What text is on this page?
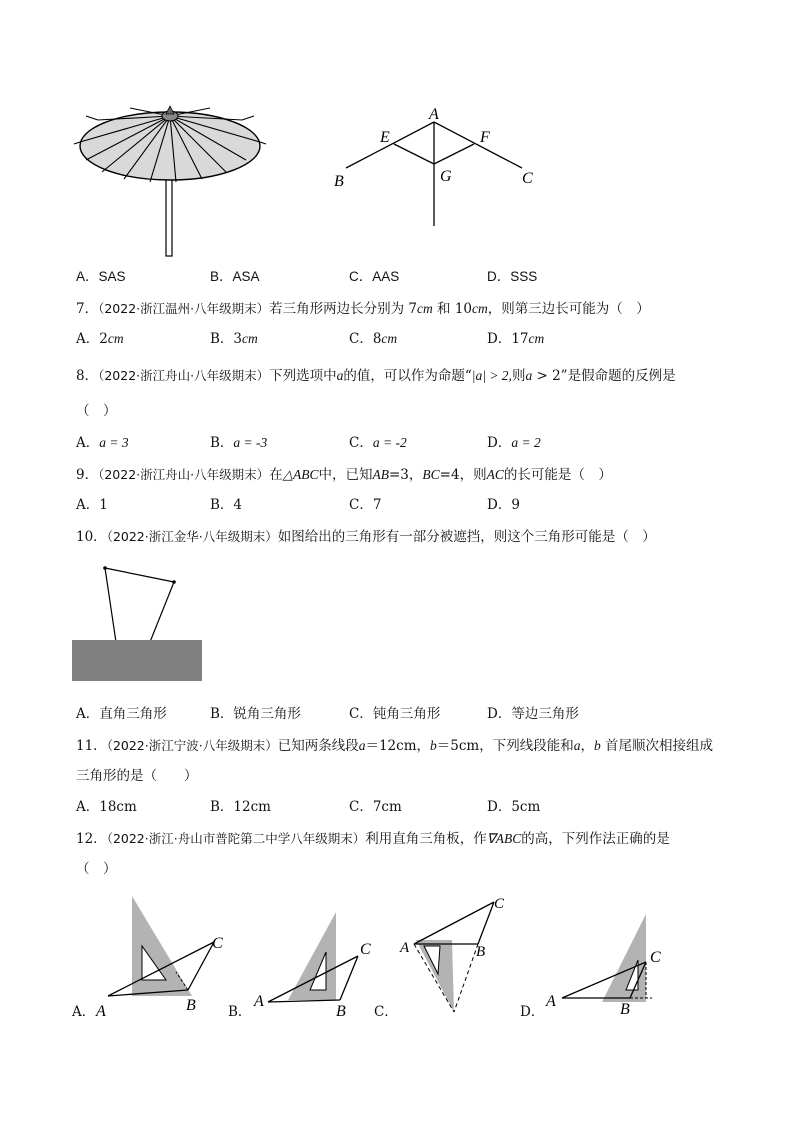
A
B	C
E	F
G
A．SAS	B．ASA	C．AAS	D．SSS
7．（2022·浙江温州·八年级期末）若三角形两边长分别为 7cm 和 10cm，则第三边长可能为（　）
A．2cm	B．3cm	C．8cm	D．17cm
8．（2022·浙江舟山·八年级期末）下列选项中a的值，可以作为命题“|a| > 2,则a > 2”是假命题的反例是
（　）
A．a = 3	B．a = -3	C．a = -2	D．a = 2
9．（2022·浙江舟山·八年级期末）在△ABC中，已知AB=3，BC=4，则AC的长可能是（　）
A．1	B．4	C．7	D．9
10．（2022·浙江金华·八年级期末）如图给出的三角形有一部分被遮挡，则这个三角形可能是（　）
A．直角三角形	B．锐角三角形	C．钝角三角形	D．等边三角形
11．（2022·浙江宁波·八年级期末）已知两条线段a＝12cm，b＝5cm，下列线段能和a，b 首尾顺次相接组成
三角形的是（　　）
A．18cm	B．12cm	C．7cm	D．5cm
12．（2022·浙江·舟山市普陀第二中学八年级期末）利用直角三角板，作∇ABC的高，下列作法正确的是
（　）
A． A	B
C
B．
A
B
C
C．
A	B
C
D．
A	B
C
